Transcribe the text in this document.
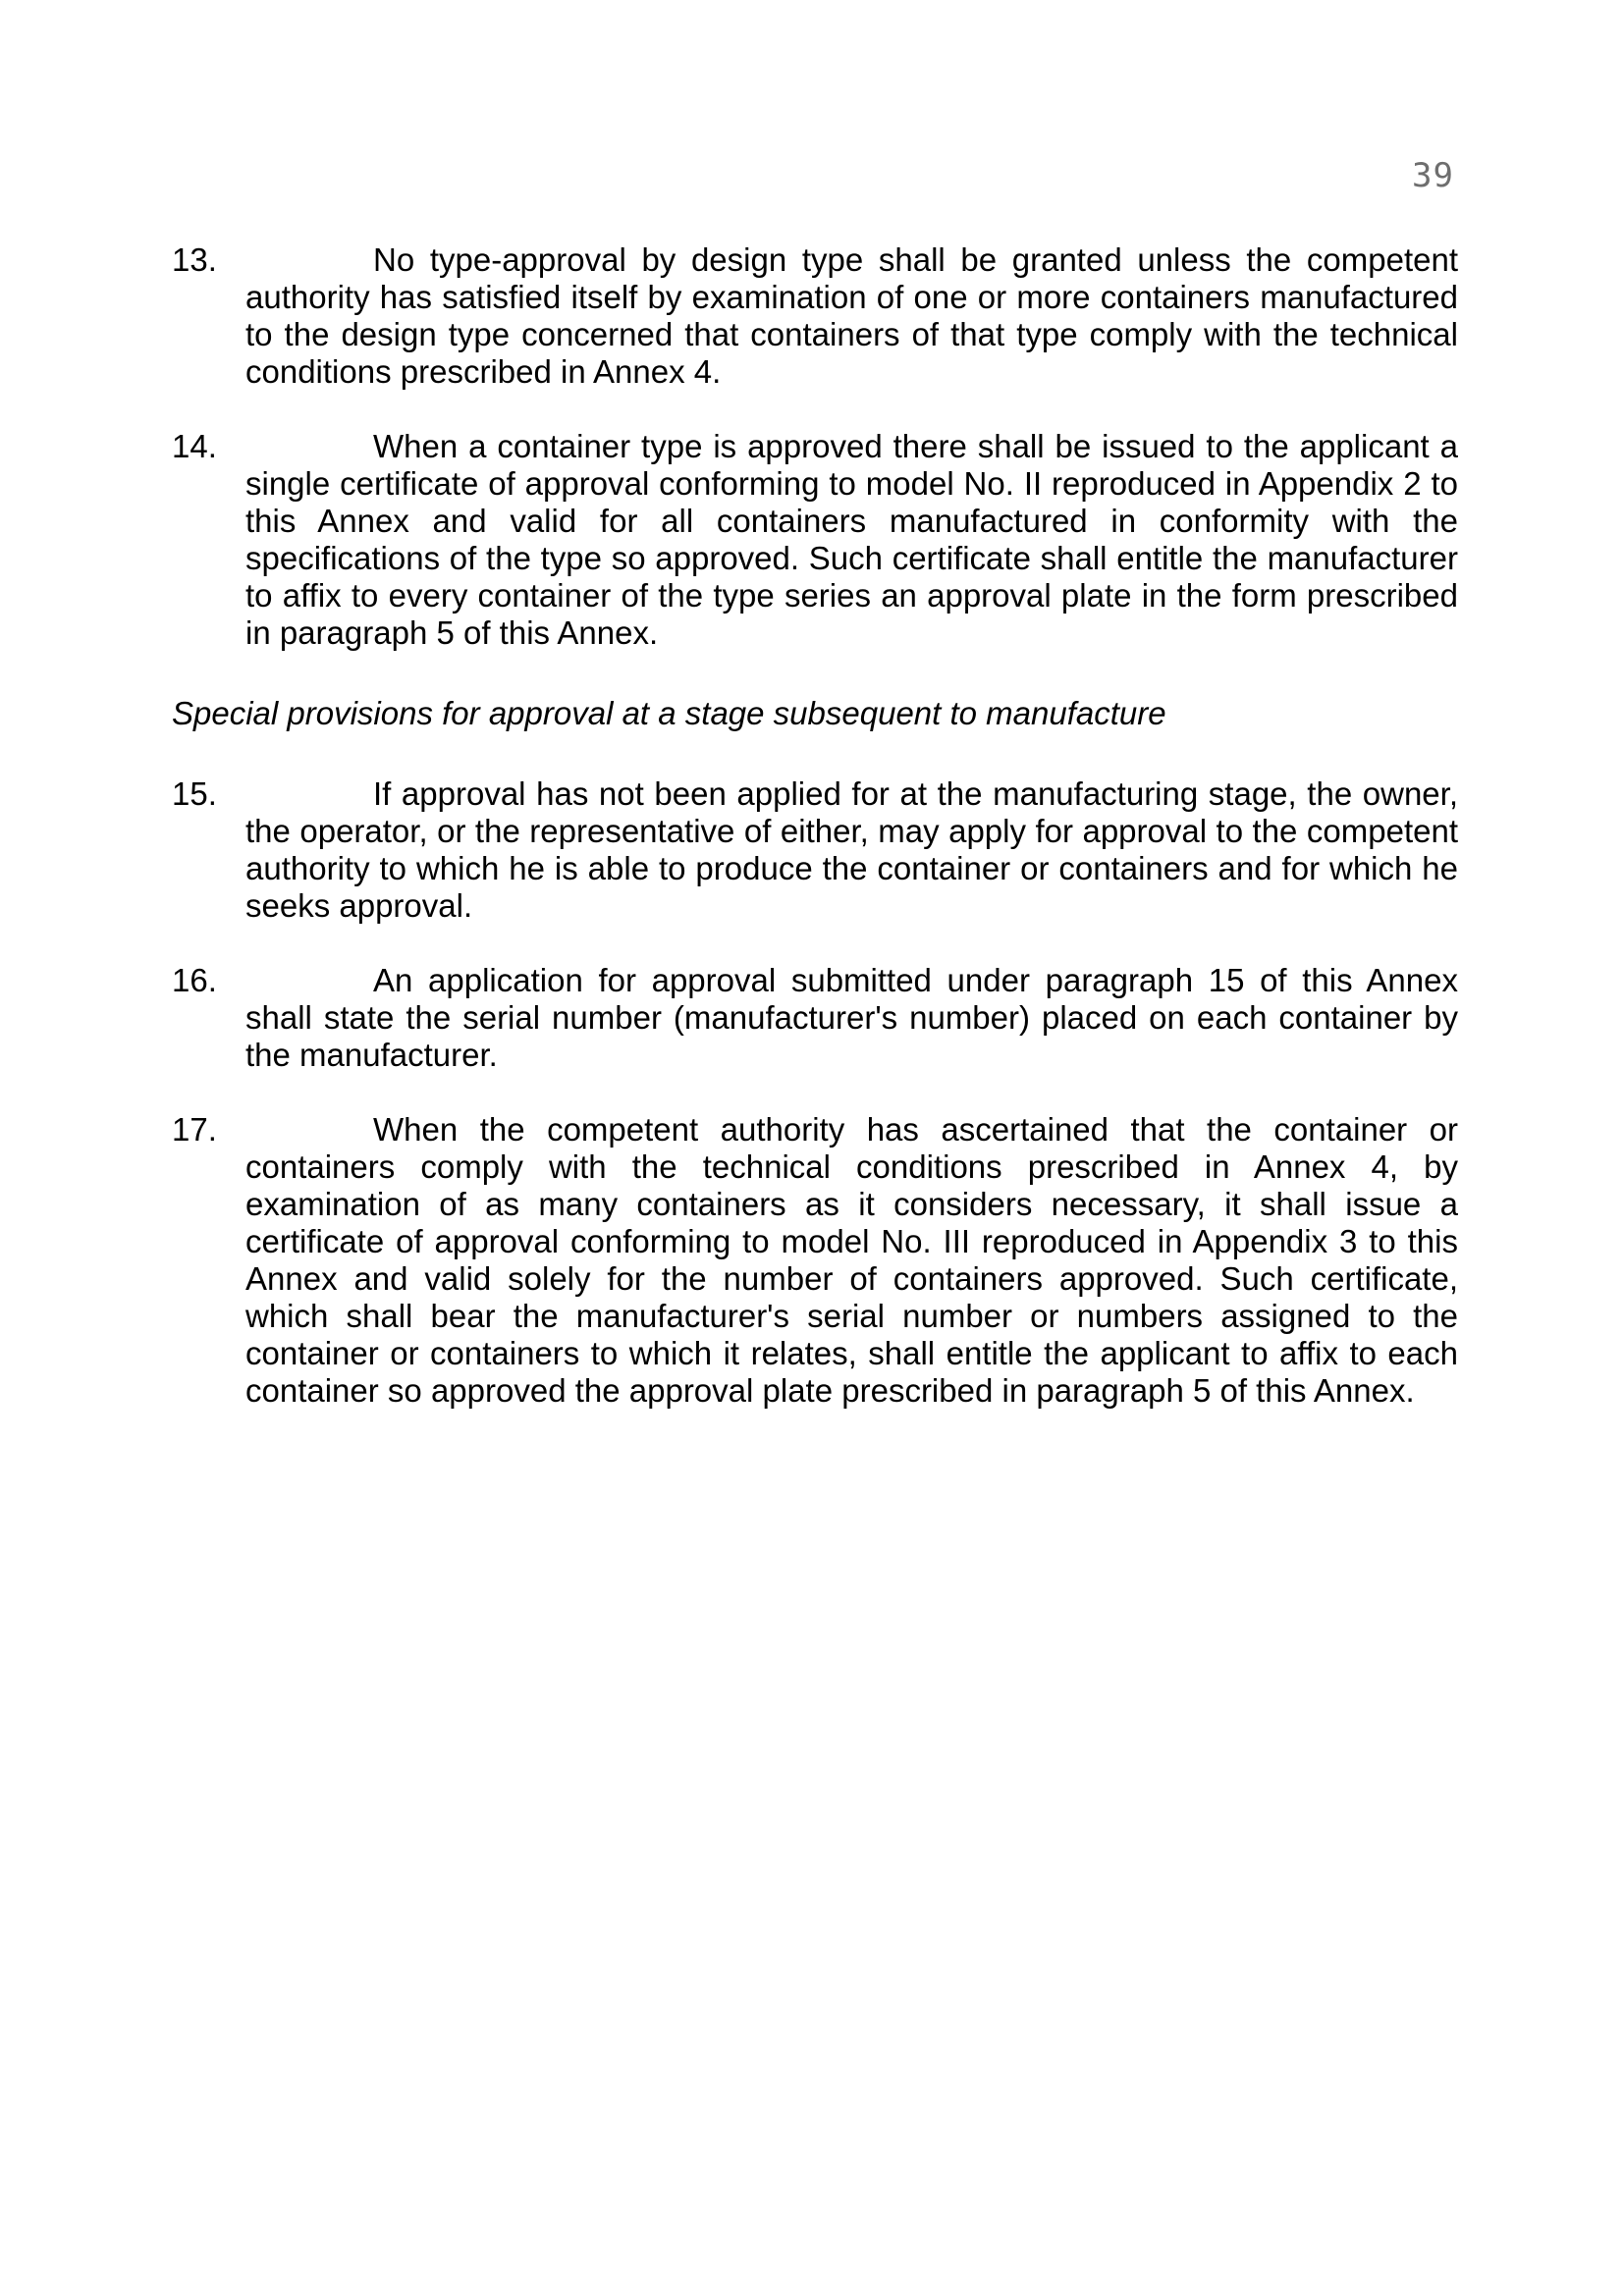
39
13.	No type-approval by design type shall be granted unless the competent authority has satisfied itself by examination of one or more containers manufactured to the design type concerned that containers of that type comply with the technical conditions prescribed in Annex 4.
14.	When a container type is approved there shall be issued to the applicant a single certificate of approval conforming to model No. II reproduced in Appendix 2 to this Annex and valid for all containers manufactured in conformity with the specifications of the type so approved. Such certificate shall entitle the manufacturer to affix to every container of the type series an approval plate in the form prescribed in paragraph 5 of this Annex.
Special provisions for approval at a stage subsequent to manufacture
15.	If approval has not been applied for at the manufacturing stage, the owner, the operator, or the representative of either, may apply for approval to the competent authority to which he is able to produce the container or containers and for which he seeks approval.
16.	An application for approval submitted under paragraph 15 of this Annex shall state the serial number (manufacturer's number) placed on each container by the manufacturer.
17.	When the competent authority has ascertained that the container or containers comply with the technical conditions prescribed in Annex 4, by examination of as many containers as it considers necessary, it shall issue a certificate of approval conforming to model No. III reproduced in Appendix 3 to this Annex and valid solely for the number of containers approved. Such certificate, which shall bear the manufacturer's serial number or numbers assigned to the container or containers to which it relates, shall entitle the applicant to affix to each container so approved the approval plate prescribed in paragraph 5 of this Annex.
